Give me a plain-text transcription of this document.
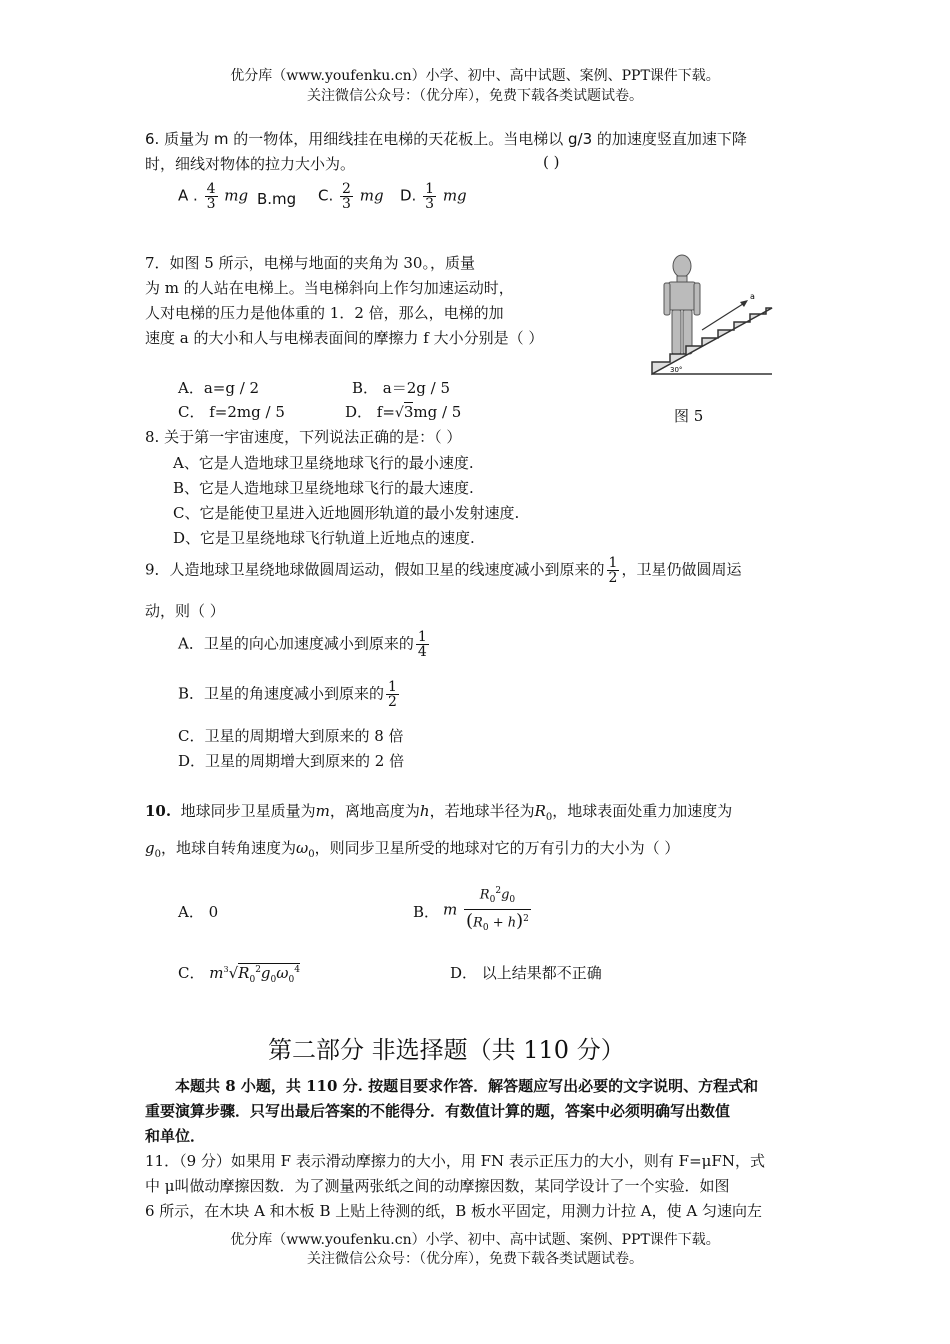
优分库（www.youfenku.cn）小学、初中、高中试题、案例、PPT课件下载。
关注微信公众号：（优分库），免费下载各类试题试卷。
6. 质量为 m 的一物体，用细线挂在电梯的天花板上。当电梯以 g/3 的加速度竖直加速下降
时，细线对物体的拉力大小为。	( )
A . $\frac{4}{3}$ mg B.mg C. $\frac{2}{3}$ mg D. $\frac{1}{3}$ mg
7．如图 5 所示，电梯与地面的夹角为 30。，质量
为 m 的人站在电梯上。当电梯斜向上作匀加速运动时，
人对电梯的压力是他体重的 1．2 倍，那么，电梯的加
速度 a 的大小和人与电梯表面间的摩擦力 f 大小分别是（ ）
A．a=g / 2	B． a＝2g / 5
C． f=2mg / 5	D． f=√3mg / 5
a
30°
图 5
8. 关于第一宇宙速度，下列说法正确的是：（ ）
A、它是人造地球卫星绕地球飞行的最小速度.
B、它是人造地球卫星绕地球飞行的最大速度.
C、它是能使卫星进入近地圆形轨道的最小发射速度.
D、它是卫星绕地球飞行轨道上近地点的速度.
9．人造地球卫星绕地球做圆周运动，假如卫星的线速度减小到原来的 $\frac{1}{2}$ ，卫星仍做圆周运
动，则（ ）
A．卫星的向心加速度减小到原来的 $\frac{1}{4}$
B．卫星的角速度减小到原来的 $\frac{1}{2}$
C．卫星的周期增大到原来的 8 倍
D．卫星的周期增大到原来的 2 倍
10. 地球同步卫星质量为m，离地高度为h，若地球半径为$R_0$，地球表面处重力加速度为
$g_0$，地球自转角速度为$\omega_0$，则同步卫星所受的地球对它的万有引力的大小为（ ）
A． 0	B． m $\frac{R_0^2g_0}{(R_0 + h)^2}$
C． $m^3√R_0^2g_0\omega_0^4$	D． 以上结果都不正确
第二部分 非选择题（共 110 分）
本题共 8 小题，共 110 分. 按题目要求作答．解答题应写出必要的文字说明、方程式和
重要演算步骤．只写出最后答案的不能得分．有数值计算的题，答案中必须明确写出数值
和单位．
11．（9 分）如果用 F 表示滑动摩擦力的大小，用 FN 表示正压力的大小，则有 F=μFN，式
中 μ叫做动摩擦因数．为了测量两张纸之间的动摩擦因数，某同学设计了一个实验．如图
6 所示，在木块 A 和木板 B 上贴上待测的纸，B 板水平固定，用测力计拉 A，使 A 匀速向左
优分库（www.youfenku.cn）小学、初中、高中试题、案例、PPT课件下载。
关注微信公众号：（优分库），免费下载各类试题试卷。
